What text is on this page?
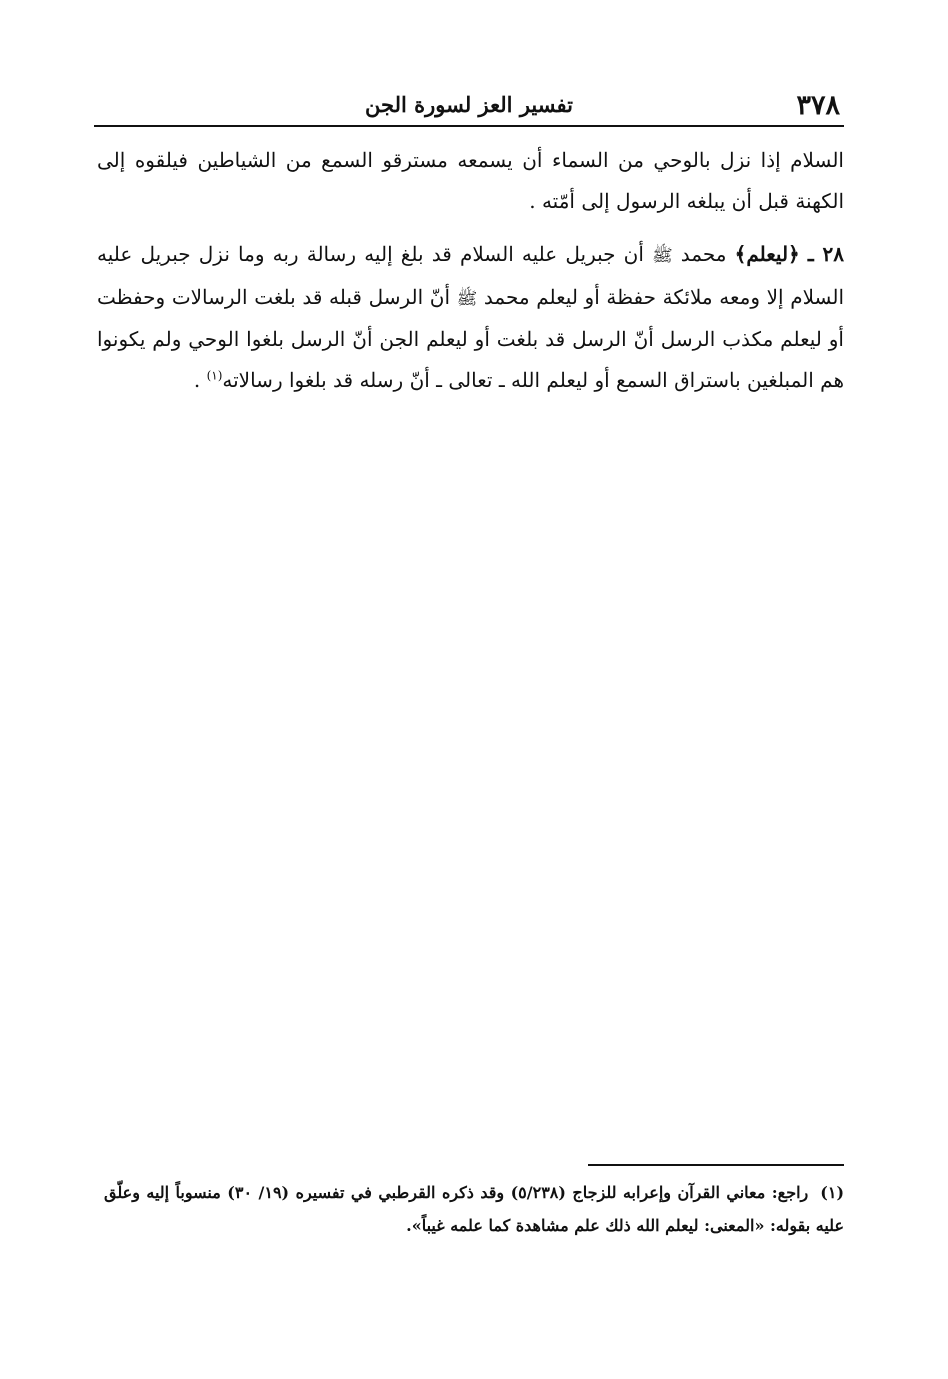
٣٧٨
تفسير العز لسورة الجن

السلام إذا نزل بالوحي من السماء أن يسمعه مسترقو السمع من الشياطين فيلقوه إلى الكهنة قبل أن يبلغه الرسول إلى أمّته .

٢٨ ـ ﴿ليعلم﴾ محمد ﷺ أن جبريل عليه السلام قد بلغ إليه رسالة ربه وما نزل جبريل عليه السلام إلا ومعه ملائكة حفظة أو ليعلم محمد ﷺ أنّ الرسل قبله قد بلغت الرسالات وحفظت أو ليعلم مكذب الرسل أنّ الرسل قد بلغت أو ليعلم الجن أنّ الرسل بلغوا الوحي ولم يكونوا هم المبلغين باستراق السمع أو ليعلم الله ـ تعالى ـ أنّ رسله قد بلغوا رسالاته$^{(١)}$ .

(١)راجع: معاني القرآن وإعرابه للزجاج (٥/٢٣٨) وقد ذكره القرطبي في تفسيره (١٩/ ٣٠) منسوباً إليه وعلّق عليه بقوله: «المعنى: ليعلم الله ذلك علم مشاهدة كما علمه غيباً».
